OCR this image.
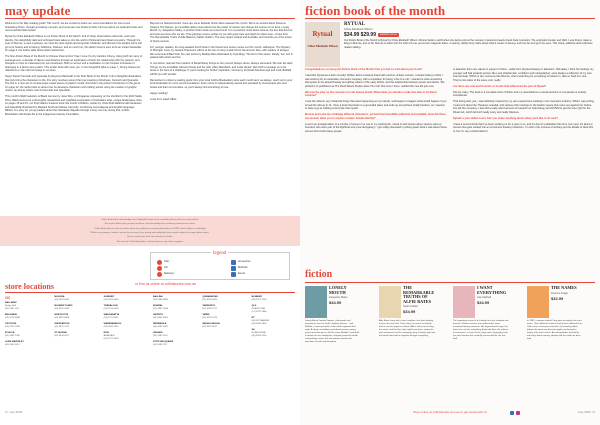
may update

Welcome to the May reading guide! This month, we are excited to share our recommendations for soon-to-be bestselling fiction, thought-provoking memoirs, and must-see new books for kids. Find out about our featured books and recommended titles below!

Rytual by Chloe Elizabeth Wilson is our Fiction Book of the Month. Full of sharp observations about life, work and identity, this delightfully dark and unhinged book takes us into the world of fictional brand ritual cosmetics. Through the eyes of Monnie, a new employee, we meet the uber-stylish and enigmatic Charlotte, and discover the lengths some will go to for beauty and to belong. Addictive, hilarious, and so much fun, this debut novel is sure to be an instant bestseller. On page 3, the author talks about what inspired her.

The Non-Fiction Book of the Month is Chinese Parents Don't Say I Love You by Candice Chung. Using both her story of estrangement, a decade of silence and distance through an exploration of food, her relationship with her parents, and thoughts on how to understand our own loneliness. Both a memoir and a meditation on the complex intricacies of belonging in a family and a place. This tender book will move you. In her thoughtful Q&A on page 7, Chung shares her reflections on the role food plays in our lives.

Super Sweet! Kenneth and Quenella by Raymond McGrath is the Kids' Book of the Month. Full of delightful illustrations that truly bring the characters to life, this story revolves around the true meaning of kindness, Kenneth and Quenella. The first in a new set of comical super-sweet series of graphic novels, this book is the perfect introduction to the genre. On page 12, the author tells us about how he develops characters and crafting stories using the medium of graphic novels, as well as what's next for Kenneth and Quenella!

This month's NEW selection is Black Gumnut by Jane Shiu, a Chingapow. Appearing on the shortlist for the 2023 Stella Prize, Black Gumnut is a thoroughly researched and insightful examination of Australia's wide, unique landscapes. Also, on pages 15 and 16, our First Nations Feature book this month is Ribbon, written by Uncle Bud Madrical with fanatuwin and beautifully illustrated by Marbaul Smith and Eloise Carmody. Combining Gunmalayuta and English language, Ribbon is a story for young readers about the Namdatup Wayaltu through a story set only during that. Collins Booksellers will donate $1 to the Indigenous Literacy Foundation.

Beyond our featured books, there are some fantastic fiction titles released this month. We're so excited about Florence Knapp's The Names, an incredible debut novel about how the power of names can change the course of our lives. Lonely Mouth, by Jacqueline Maley, is another fiction book we recommend. It is a powerful novel about trauma, the ties that bind us, and how we know who we are. This gripping novel is written by me with great care and depth by Hazel Lam, comes from The Remarkable Truths of Alfie Bates by Sarah Grafton. The story spans Ireland and Australia, and reminds us of the power of family secrets.

For younger readers, the long-awaited fourth book in the Nevermoor series comes out this month. Hollowpox: The Mystery of Morrigan Crow, by Jessica Townsend, will be at the top of many a wish list for Nevermoor fans, with readers of all ages. We recommend Bad Girls, the new series by Maddy Mara (illustrated by Kyla May). The first of the series, Ready, Set, Go! is packed with action and fun.

In non-fiction, Hannah Kent (author of Burial Rites) brings us her memoir Always Home, Always Homesick: We Can Do Hard Things, by the incredible Glennon Doyle and her wife, Abby Wambach, and Lolita Hunter. Also Dirk's message on to be brave in the face of a challenge. If you're looking for further inspiration, Ghosts by Dr David Attenborough and Colin Butfield will fill you with wonder.

Remember to collect a reading guide from your local Collins Booksellers store each month and, as always, reach out to your local bookseller for more recommendations. Every store is independently owned and operated by local people who love books and their communities, so you'll always find something to love.

Happy reading!

Louis from Head Office

Collins Booksellers acknowledges the Traditional Owners of the unceded lands on which we work and live.

We respect Elders past, present and future, and acknowledge the continuing connection to culture.

Collins Booksellers do not price books above the publishers recommended retail price (RRP). Stock subject to availability.

While every attempt is made to ensure the accuracy of our pricing and availability, there may be subject to change without notice.

Please contact your local store directly to confirm.

The views of Collins Booksellers, its franchisees or any of their suppliers.

legend
Café
Gift
Stationery
Accessories
Bookclub
Events
store locations	or find us online at collinsbooks.com.au
VIC
BALLARAT
Bridge Mall
(03) 5331 1111
BELGRAVE
(03) 9754 3888
CROYDON
(03) 9725 7999
ECHUCA
(03) 5482 1300
GLEN WAVERLEY
(03) 9560 0611
MILDURA
(03) 5023 0065
MOONEE PONDS
(03) 9370 4300
NORTHCOTE
(03) 9481 4993
SHEPPARTON
(03) 5821 3711
ST HELENA
(03) 9434 3077
SUNBURY
(03) 9744 5544
TRARALGON
(03) 5174 6069
WANGARATTA
(03) 5721 5055
WARRNAMBOOL
(03) 5562 2350
NSW
ARMIDALE
(02) 6772 4093
BALLINA
(02) 6686 4888
BOWRAL
(02) 4861 2499
GRIFFITH
(02) 6964 6964
MERIMBULA
(02) 6495 1881
ORANGE
(02) 6362 3011
PORT MACQUARIE
(02) 6583 1117
QUEANBEYAN
(02) 6299 5060
TAMWORTH
(02) 6766 1077
TAREE
(02) 6552 1424
WAGGA WAGGA
(02) 6921 8611
BUNBURY
(08) 9721 3244
QLD
GLADSTONE
(07) 4972 2888
NT
MOUNT BARKER
(08) 8391 0833
SA
NOARLUNGA
(08) 8326 3150
2 | may 2025
fiction book of the month
Rytual
Chloe Elizabeth Wilson
RYTUAL
Chloe Elizabeth Wilson
$34.99 $29.99	MEMBER PRICE

Our Fiction Book of the Month is Rytual by Chloe Elizabeth Wilson. Monnie Settle is adrift when she lands a job at the coveted, mysterious beauty brand ritual cosmetics. The enigmatic founder and CEO, Luna Peters, takes a liking to Monnie, and so far, Monnie is drawn into the orbit of Luna, and Luna's magnetic allure. A searing, darkly funny satire about what it means to belong, and how far we'll go to be seen. This sharp, addictive debut will have readers talking.

Congratulations on being the Fiction Book of the Month! Can you tell us a bit about your book?

I describe Rytual as a dark comedy! Written about a beauty brand with serious, sinister secrets, I started writing it while I was working for an Australian cosmetics company with a reputation for being 'a bit of a cult'. I wanted to write something that spoke to the absurd beauty and gifting culture of the early 2010s, and the relationship between power and desire. We pitched it to publishers as The Devil Wears Prada meets The Cult. But once I drew, I added the new kid just now.

We love the play on the concept of a cult beauty brand. What made you decide to take this idea to its literal extreme?

I took the absurd, very theatrical things that were happening at my real job, and began to imagine what would happen if you turned the dial up to 11. I love a book that starts in a grounded place and ends up somewhere totally bonkers, so I wanted to have a go at crafting a story like that myself.

Monnie and Luna are strikingly different characters, yet both feel incredibly authentic and relatable. How did these two women allow you to explore modern female identity?

Luna is an amalgamation of a number of women I've met in my working life, mixed in with stories about various start-up founders who were part of the #girlboss era (now-derogatory). I got really interested in picking apart what it was about these women that could cause people

to abandon their own values in support of them - aside from physical beauty or attraction. Ultimately, I think the feelings my younger self had towards women like Luna (charismatic, confident and manipulative), were always a reflection of my own internal state. Which is why someone like Monnie, who's searching for something to believe in, falls so hard for Luna. They're two sides of the same coin, really.

Are there any real-world events or trends that influenced the plot of Rytual?

Not too many. The book is a complete work of fiction and my resemblance to actual persons or companies is entirely coincidental.

That being said, yes, I was definitely inspired by my own experiences working in the cosmetics industry. While I was writing, I read a lot about the Theranos scandal, and various other startups in the fashion space that came out against her before she left the company. I also did a really weird amount of research on Scientology and NXIVM to get the tone right for the Ritual cult, which felt both really scary and really hilarious.

Rytual is your debut novel. Can you share anything about what you'd like to do next?

I have a second book that I've been working on for a year or so, and it's due for publication this time next year. It's about a woman that gets sucked into an immersive theatre production. I'm still in the process of working out the details of what this is, but I'm very excited about it.

fiction
LONELY MOUTH
Jacqueline Maley
$34.99
Lonely Mouth Janetta Vaquen, charismatic and mysterious, was hot stuff in Sydney Inferno... until Matilda, a smart journalist, finds what happened that night. A sharp, unsettling novel about women, power, gossip and who gets to tell the story. Matilda's rival Ruth is drawn into her ambiguous, intriguing world of wealth and privilege, where the two women wrestle with questions of truth and deception.
THE REMARKABLE TRUTHS OF ALFIE BATES
Sarah Grafton
$34.99
Alfie Bates, born with a rare condition, has been looking to learn his real truth. Years later, he returns to Ireland, but his secrets begin to surface. Alfie's letters to his long-lost sister, and the lives that might have been, shape the past and present of this sweeping story of family, guilt and the bonds that hold us together through everything.
I WANT EVERYTHING
Lisa Caldwell
$34.99
The legendary career of a fictional rock star, stardom and burnout. Shakes remains one of Australia's most acclaimed literary moments. Her legend looms large, but fame has cost her everything. A decade later, the release of new music, a return to the stage and a biography from her past threaten the carefully constructed life she has built.
THE NAMES
Florence Knapp
$32.99
In 1987, a woman named Cora goes to register her son's name. Three different choices lead to three different lives. Told across seven-year intervals, this dazzling debut follows the ways one decision ripples out through a family, a life and a future. An unforgettable, beautifully told story about naming, identity and the roads we don't take.
shop online at collinsbooks.com.au or get social with us	may 2025 | 3
